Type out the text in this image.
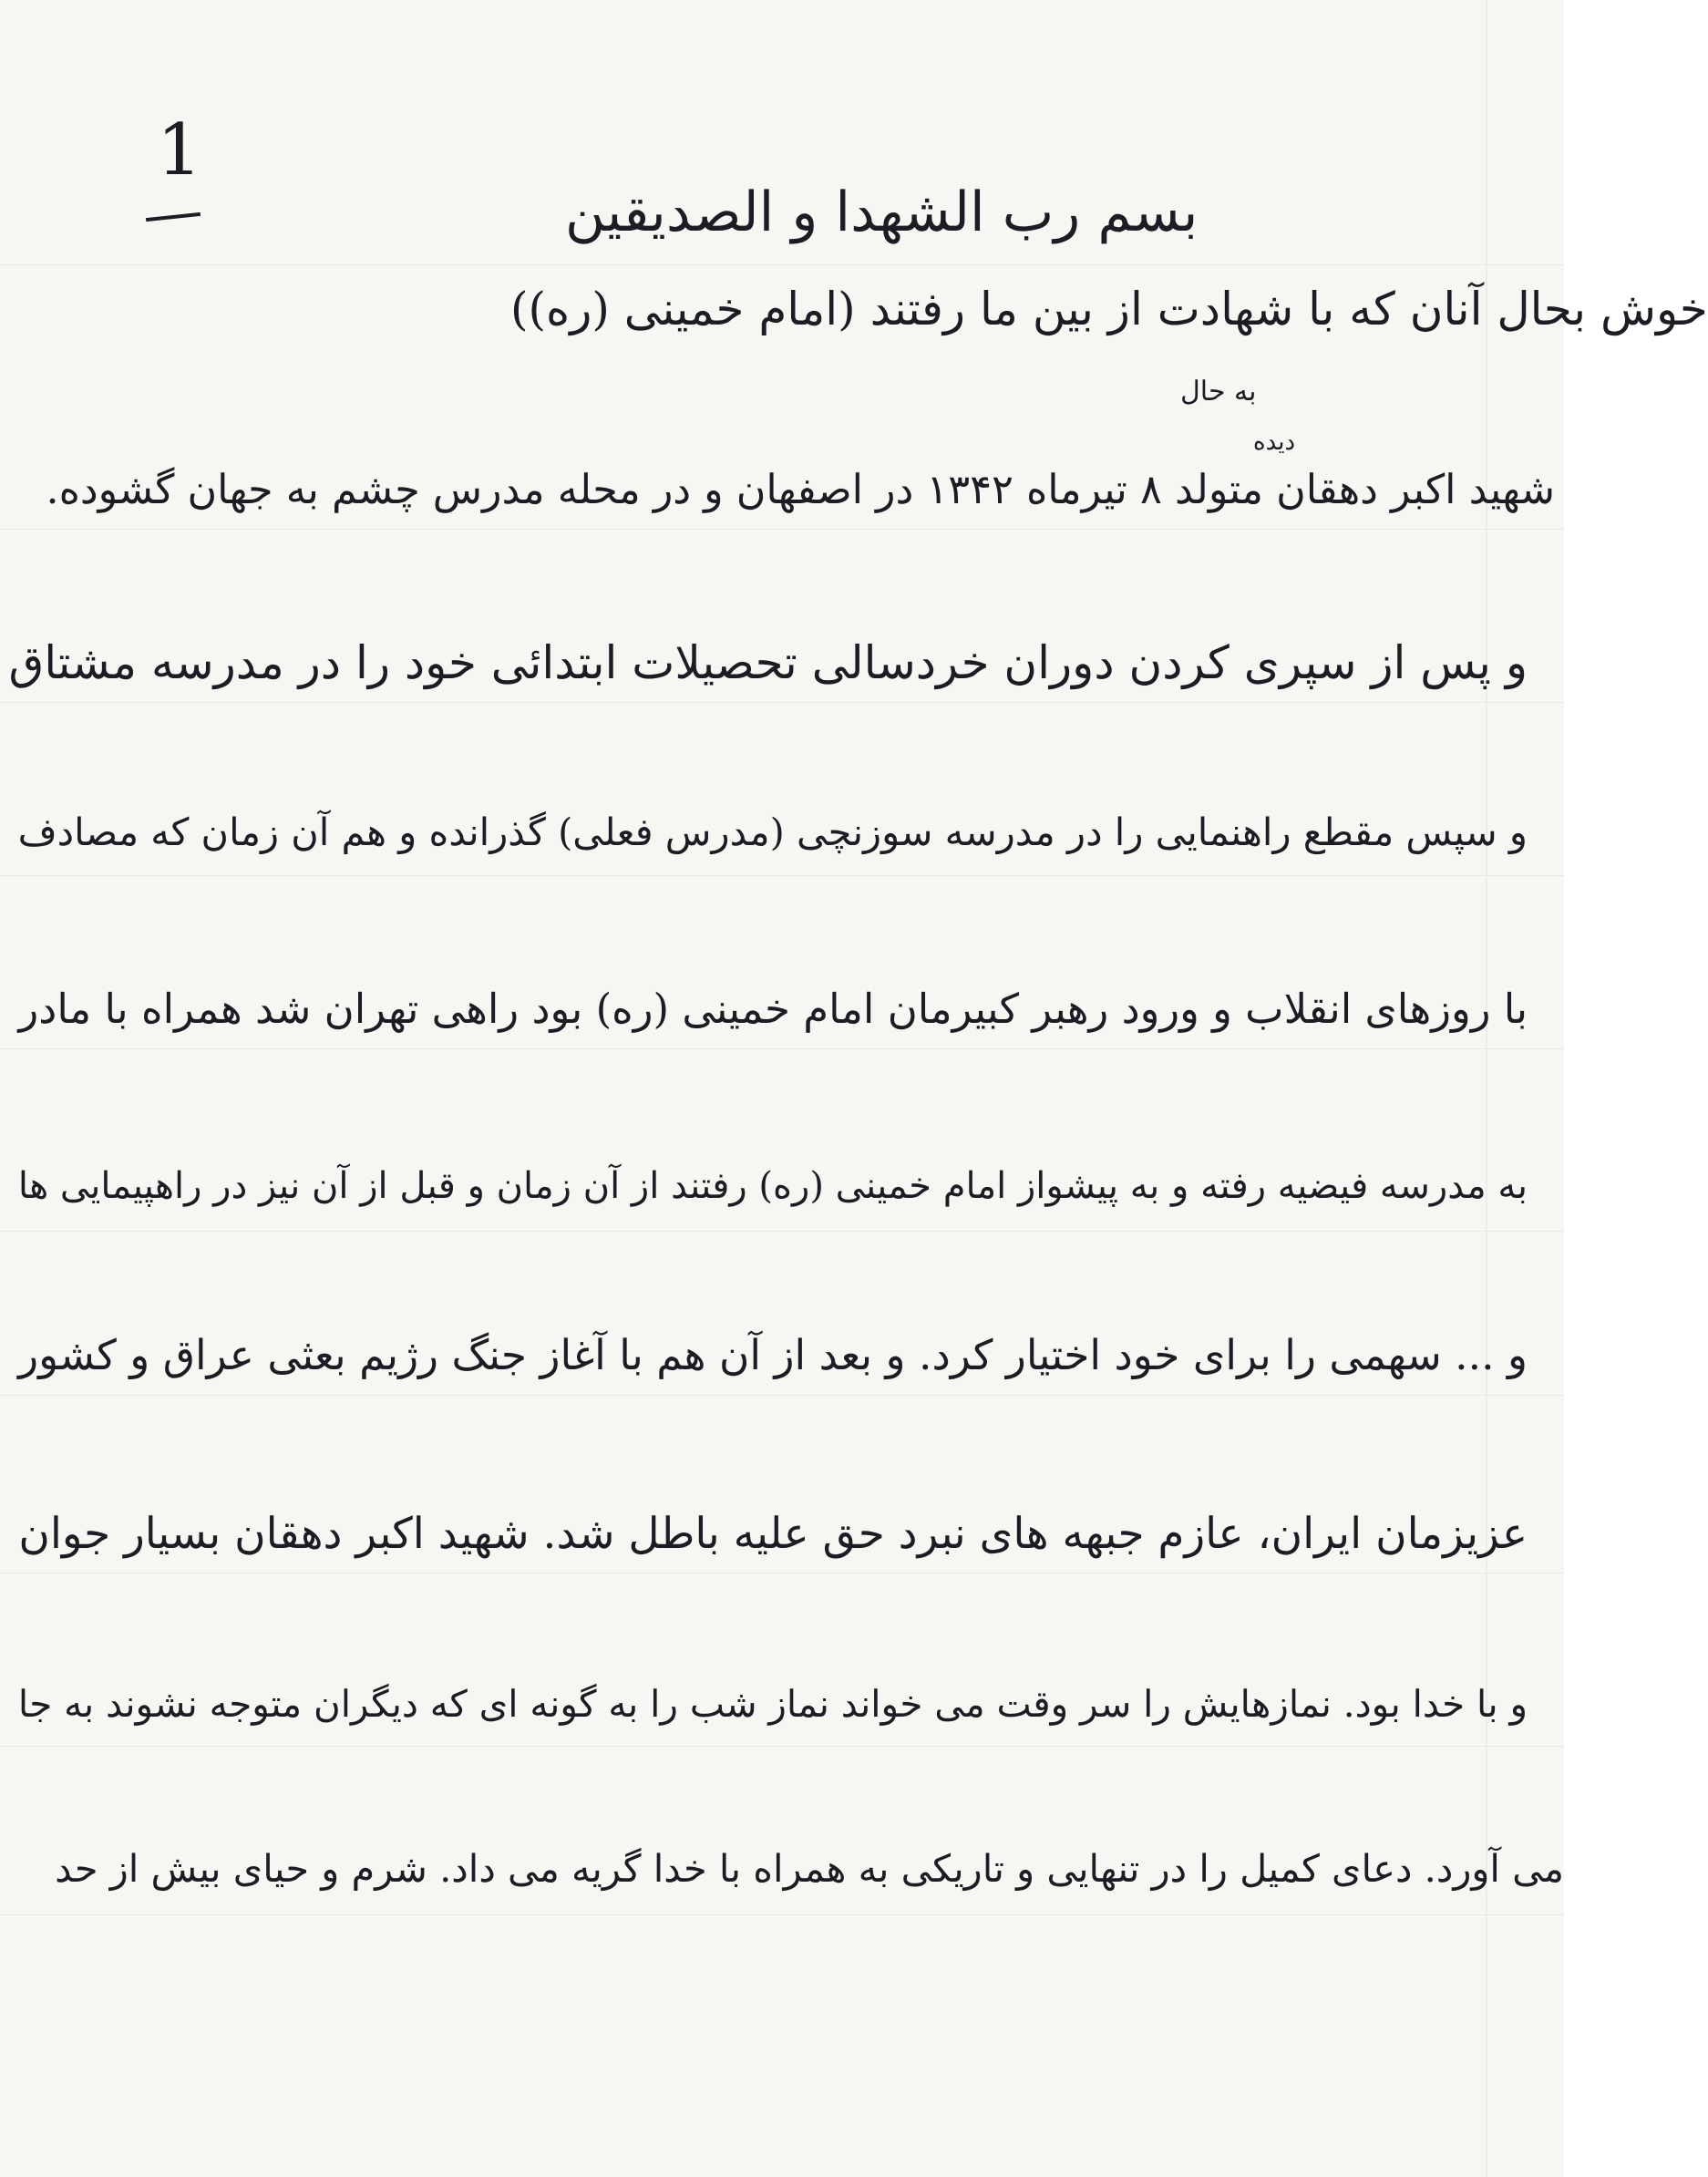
1
بسم رب الشهدا و الصدیقین
خوش بحال آنان که با شهادت از بین ما رفتند (امام خمینی (ره))
به حال
دیده
شهید اکبر دهقان متولد ۸ تیرماه ۱۳۴۲ در اصفهان و در محله مدرس چشم به جهان گشوده.
و پس از سپری کردن دوران خردسالی تحصیلات ابتدائی خود را در مدرسه مشتاق
و سپس مقطع راهنمایی را در مدرسه سوزنچی (مدرس فعلی) گذرانده و هم آن زمان که مصادف
با روزهای انقلاب و ورود رهبر کبیرمان امام خمینی (ره) بود راهی تهران شد همراه با مادر
به مدرسه فیضیه رفته و به پیشواز امام خمینی (ره) رفتند از آن زمان و قبل از آن نیز در راهپیمایی ها
و ... سهمی را برای خود اختیار کرد. و بعد از آن هم با آغاز جنگ رژیم بعثی عراق و کشور
عزیزمان ایران، عازم جبهه های نبرد حق علیه باطل شد. شهید اکبر دهقان بسیار جوان
و با خدا بود. نمازهایش را سر وقت می خواند نماز شب را به گونه ای که دیگران متوجه نشوند به جا
می آورد. دعای کمیل را در تنهایی و تاریکی به همراه با خدا گریه می داد. شرم و حیای بیش از حد
